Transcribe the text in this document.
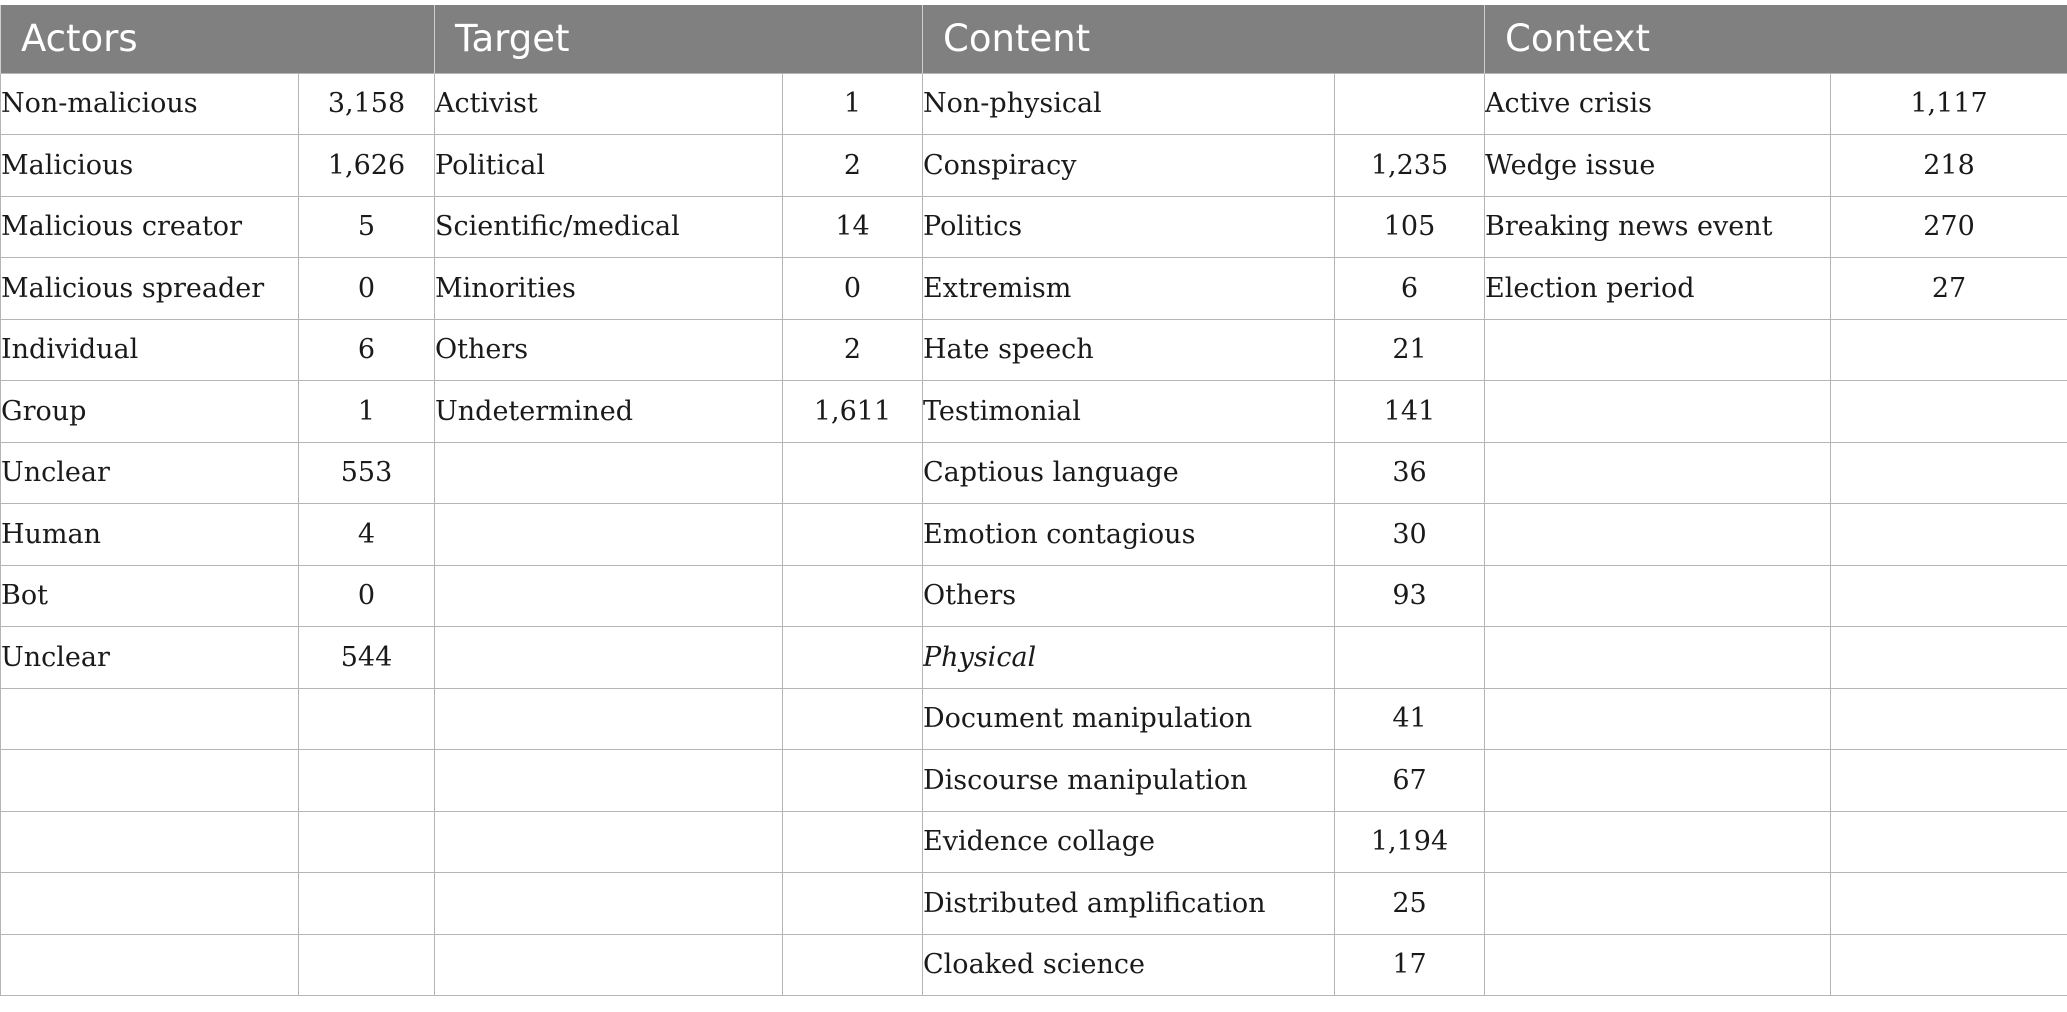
Actors		Target		Content		Context	
Non-malicious	3,158	Activist	1	Non-physical		Active crisis	1,117
Malicious	1,626	Political	2	Conspiracy	1,235	Wedge issue	218
Malicious creator	5	Scientific/medical	14	Politics	105	Breaking news event	270
Malicious spreader	0	Minorities	0	Extremism	6	Election period	27
Individual	6	Others	2	Hate speech	21		
Group	1	Undetermined	1,611	Testimonial	141		
Unclear	553			Captious language	36		
Human	4			Emotion contagious	30		
Bot	0			Others	93		
Unclear	544			Physical			
				Document manipulation	41		
				Discourse manipulation	67		
				Evidence collage	1,194		
				Distributed amplification	25		
				Cloaked science	17		
